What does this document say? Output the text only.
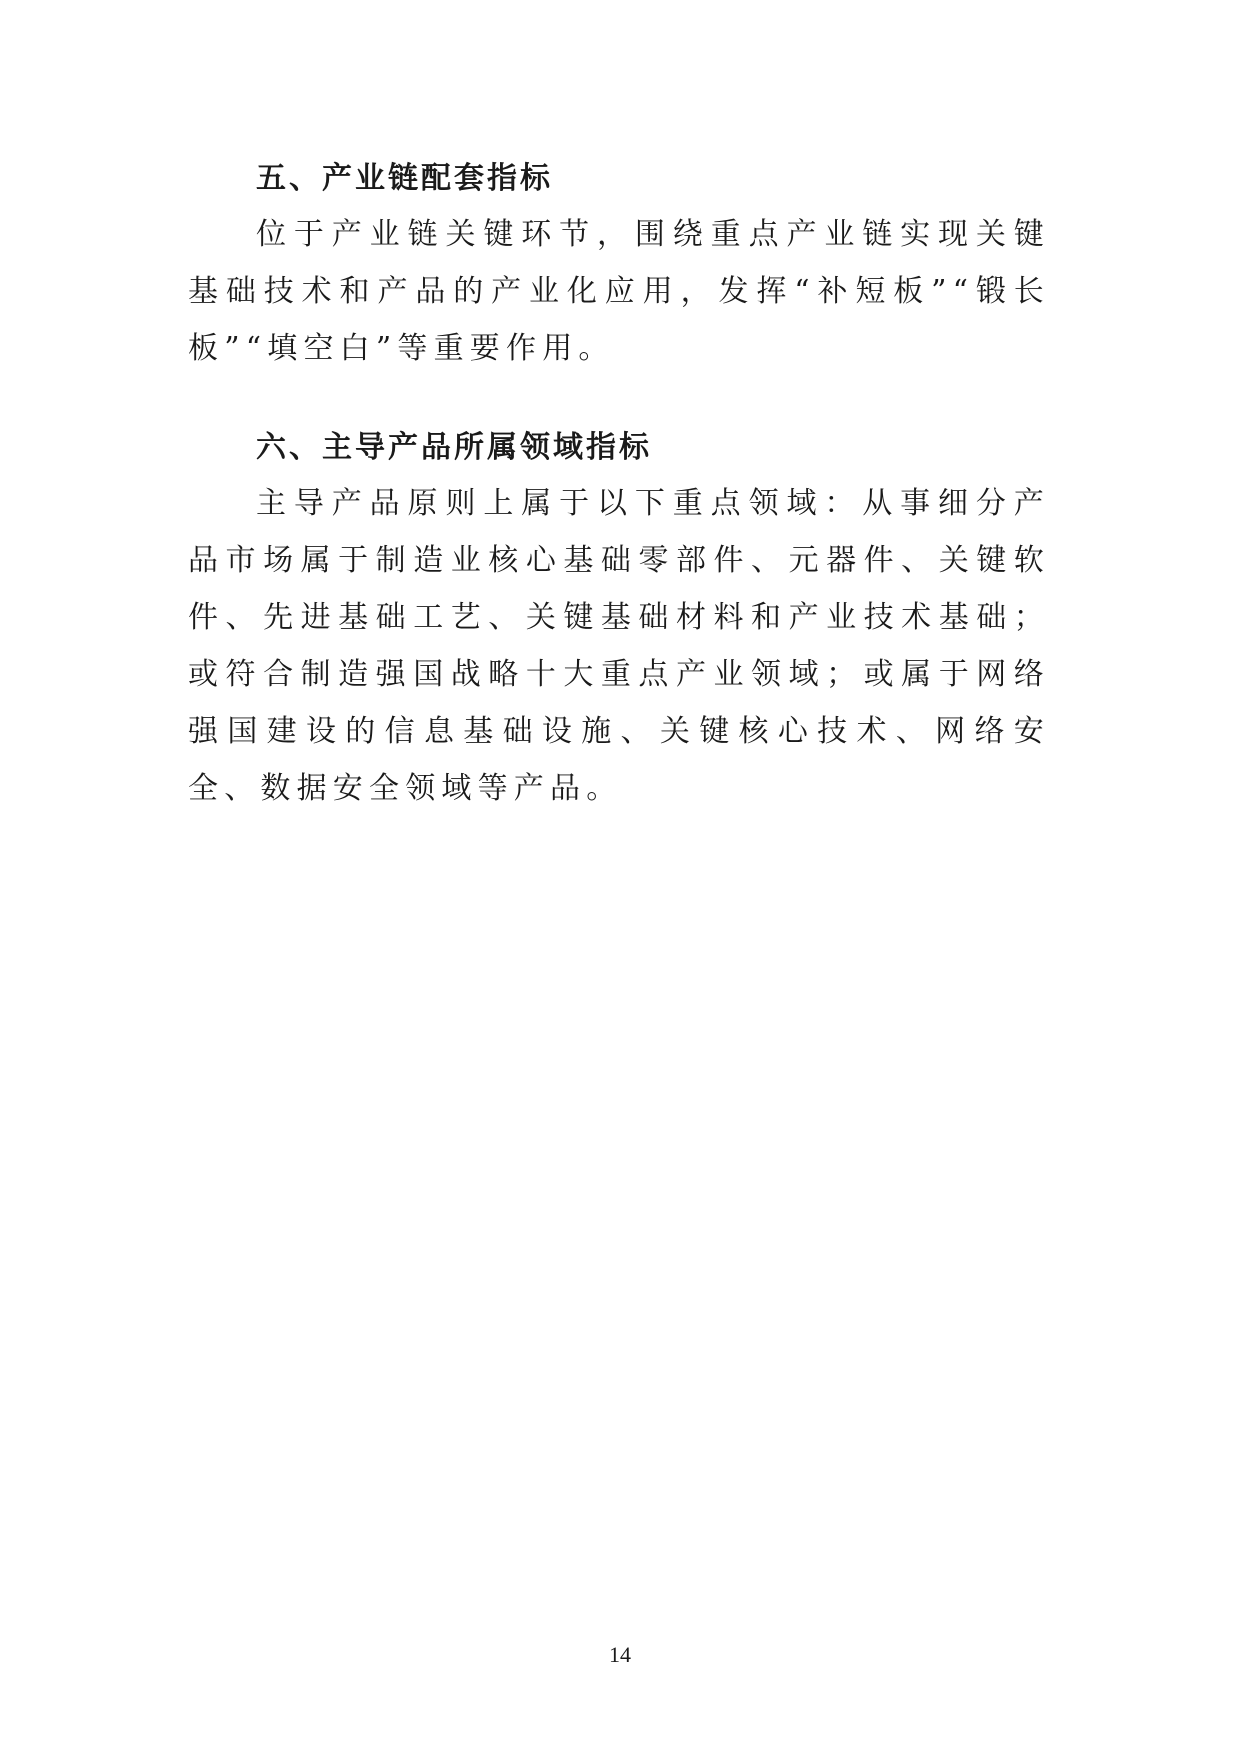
五、产业链配套指标

位于产业链关键环节，围绕重点产业链实现关键基础技术和产品的产业化应用，发挥“补短板”“锻长板”“填空白”等重要作用。

六、主导产品所属领域指标

主导产品原则上属于以下重点领域：从事细分产品市场属于制造业核心基础零部件、元器件、关键软件、先进基础工艺、关键基础材料和产业技术基础；或符合制造强国战略十大重点产业领域；或属于网络强国建设的信息基础设施、关键核心技术、网络安全、数据安全领域等产品。

14
